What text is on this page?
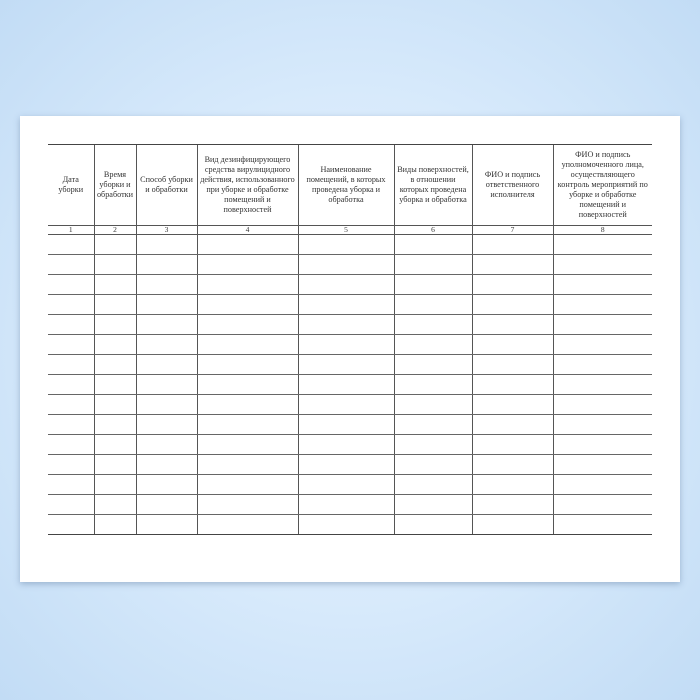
Дата уборки	Время уборки и обработки	Способ уборки и обработки	Вид дезинфицирующего средства вирулицидного действия, использованного при уборке и обработке помещений и поверхностей	Наименование помещений, в которых проведена уборка и обработка	Виды поверхностей, в отношении которых проведена уборка и обработка	ФИО и подпись ответственного исполнителя	ФИО и подпись уполномоченного лица, осуществляющего контроль мероприятий по уборке и обработке помещений и поверхностей
1	2	3	4	5	6	7	8
